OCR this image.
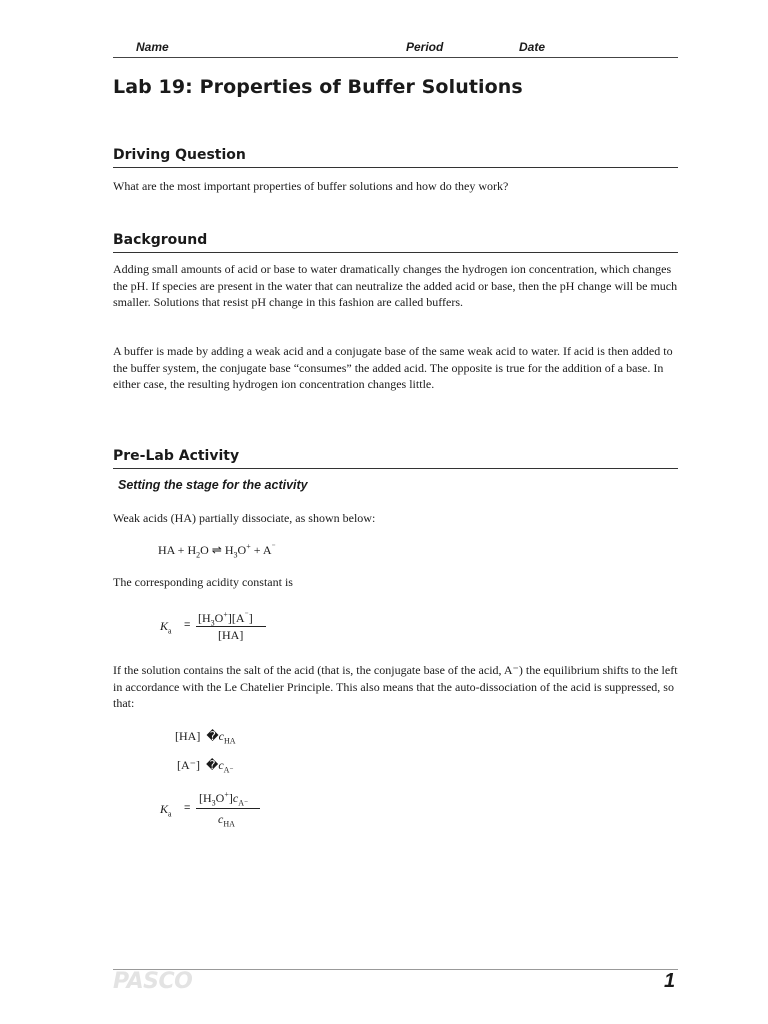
Name	Period	Date
Lab 19: Properties of Buffer Solutions
Driving Question
What are the most important properties of buffer solutions and how do they work?
Background
Adding small amounts of acid or base to water dramatically changes the hydrogen ion concentration, which changes the pH. If species are present in the water that can neutralize the added acid or base, then the pH change will be much smaller. Solutions that resist pH change in this fashion are called buffers.
A buffer is made by adding a weak acid and a conjugate base of the same weak acid to water. If acid is then added to the buffer system, the conjugate base “consumes” the added acid. The opposite is true for the addition of a base. In either case, the resulting hydrogen ion concentration changes little.
Pre-Lab Activity
Setting the stage for the activity
Weak acids (HA) partially dissociate, as shown below:
HA + $H_2O$ ⇌ $H_3O^+ + A^{^-}$
The corresponding acidity constant is
$K_a = [H_3O^+][A^{^-}]$
[HA]
If the solution contains the salt of the acid (that is, the conjugate base of the acid, A⁻) the equilibrium shifts to the left in accordance with the Le Chatelier Principle. This also means that the auto-dissociation of the acid is suppressed, so that:
[HA] $�c_{HA}$
[A⁻] $�c_{A^-}$
$K_a$ =
$[H_3O^+]c_{A^-}$
$c_{HA}$
PASCO	1
